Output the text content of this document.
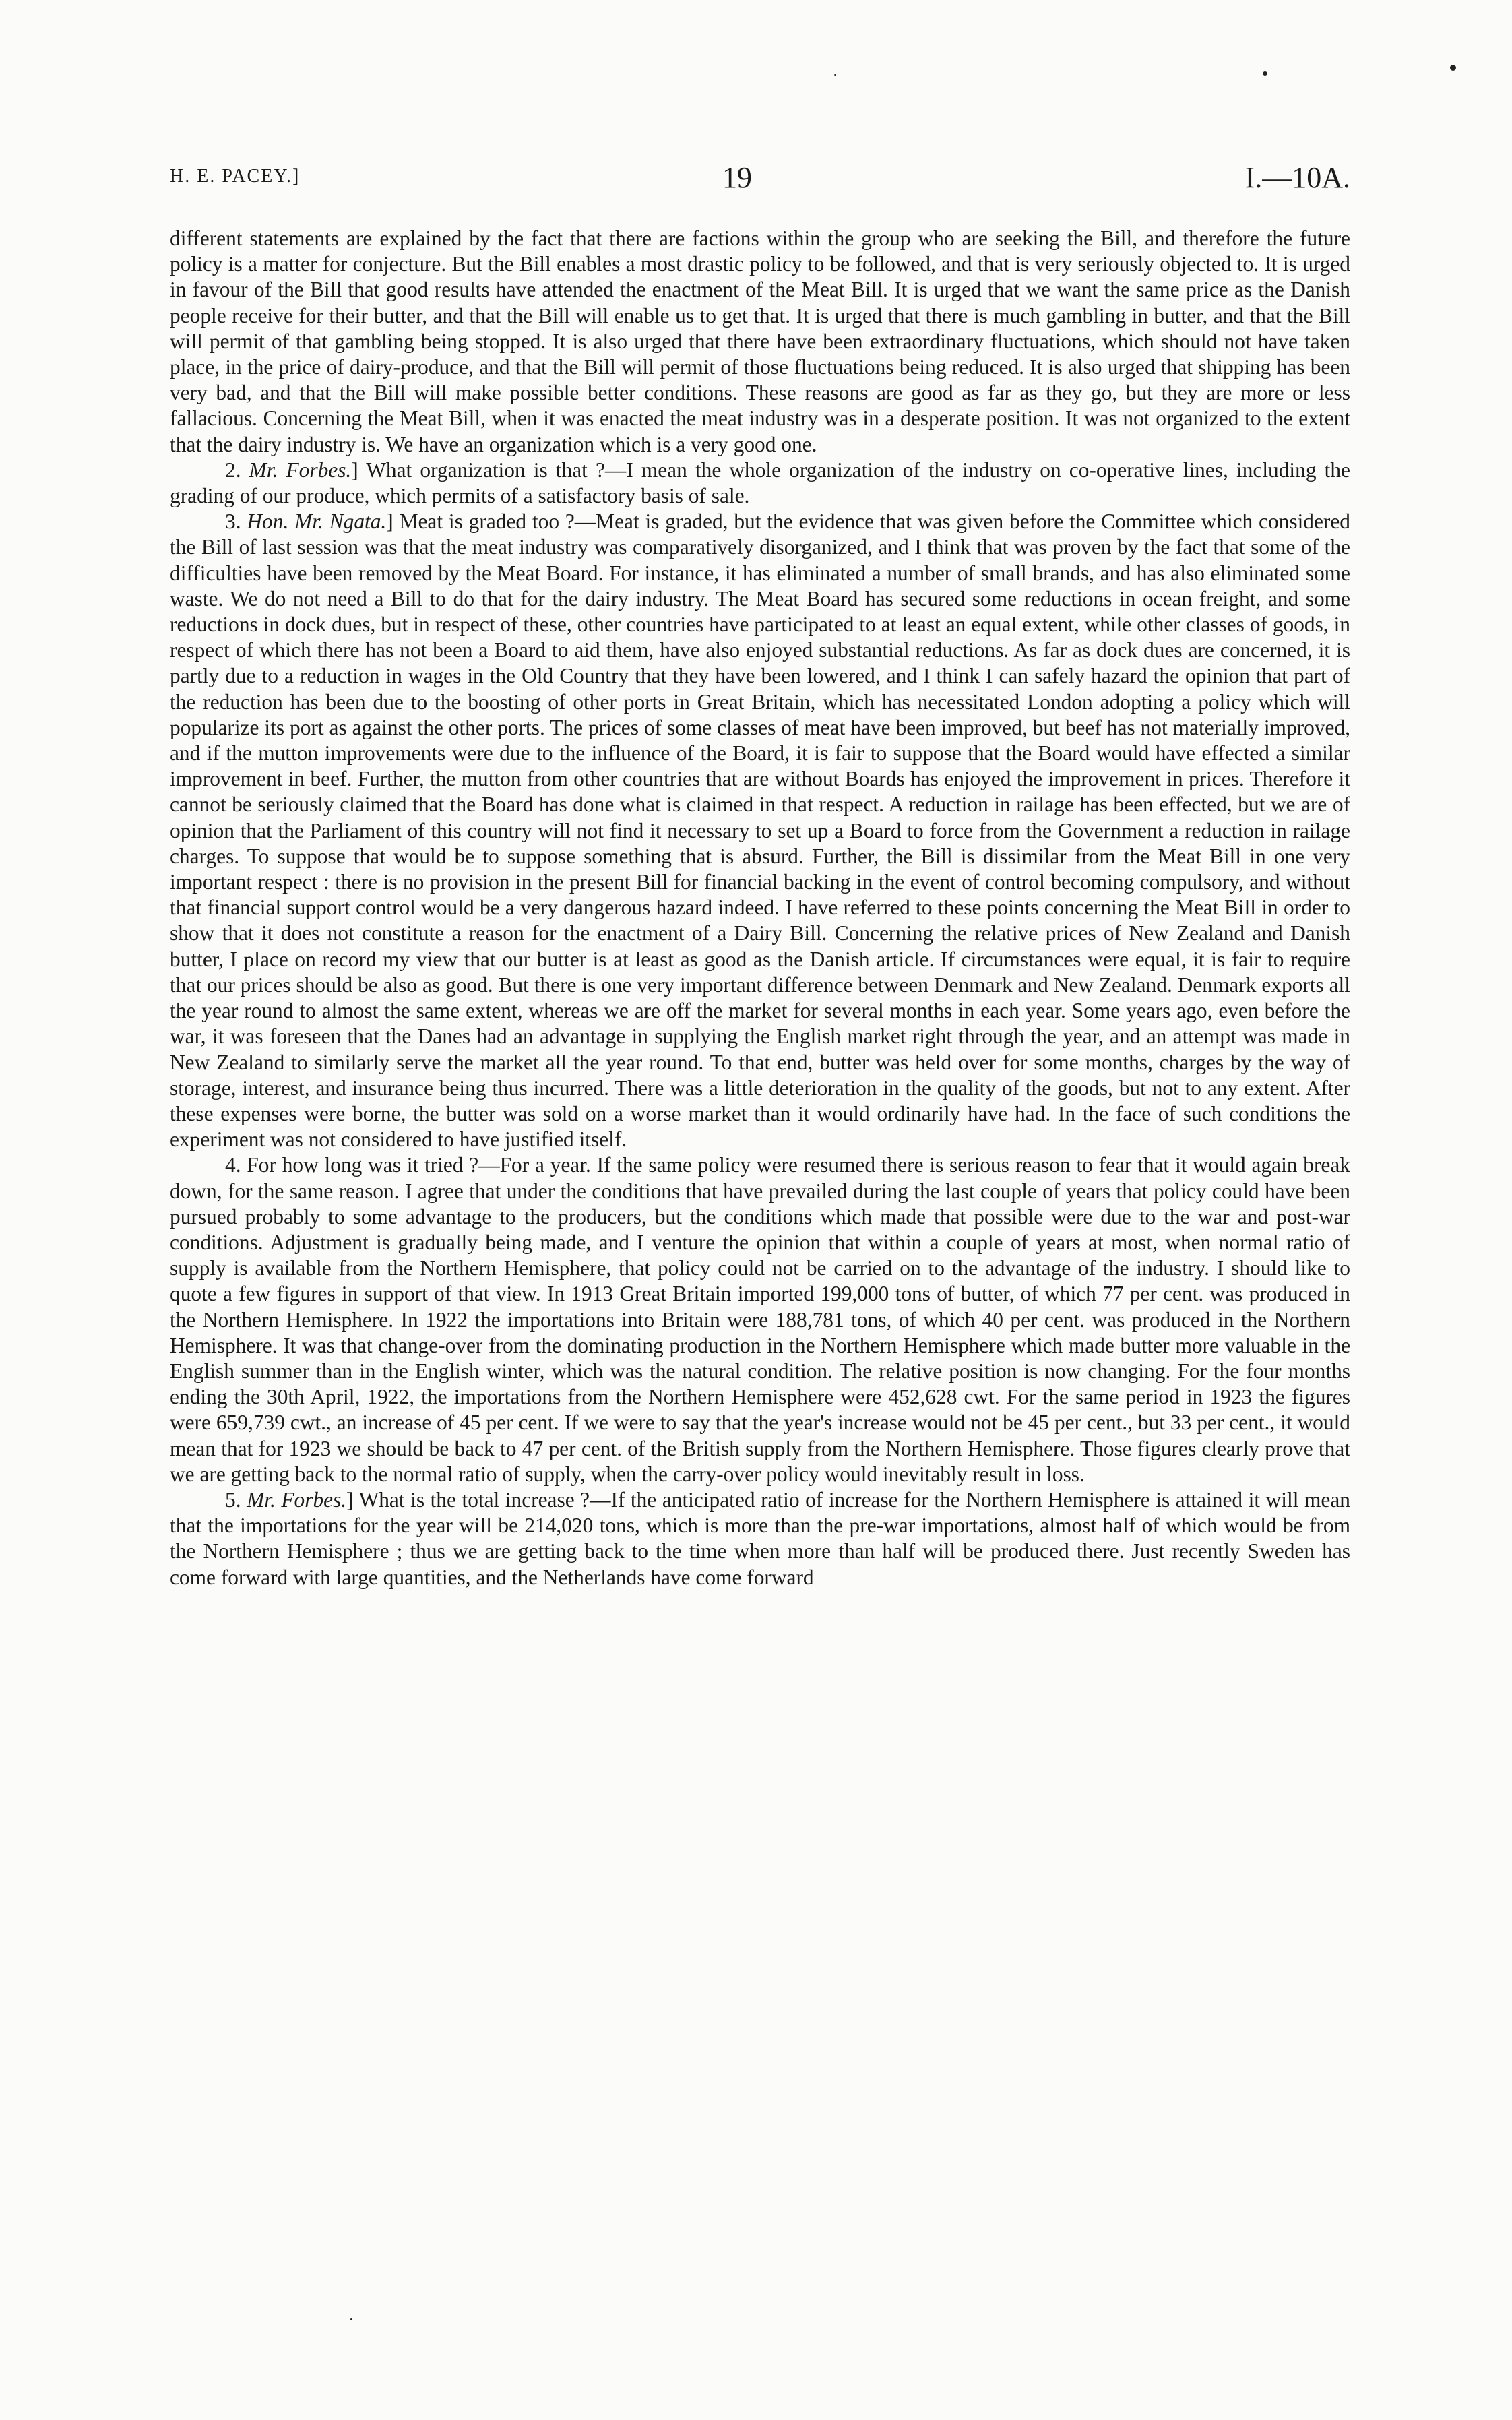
H. E. PACEY.]	19	I.—10A.

different statements are explained by the fact that there are factions within the group who are seeking the Bill, and therefore the future policy is a matter for conjecture. But the Bill enables a most drastic policy to be followed, and that is very seriously objected to. It is urged in favour of the Bill that good results have attended the enactment of the Meat Bill. It is urged that we want the same price as the Danish people receive for their butter, and that the Bill will enable us to get that. It is urged that there is much gambling in butter, and that the Bill will permit of that gambling being stopped. It is also urged that there have been extraordinary fluctuations, which should not have taken place, in the price of dairy-produce, and that the Bill will permit of those fluctuations being reduced. It is also urged that shipping has been very bad, and that the Bill will make possible better conditions. These reasons are good as far as they go, but they are more or less fallacious. Concerning the Meat Bill, when it was enacted the meat industry was in a desperate position. It was not organized to the extent that the dairy industry is. We have an organization which is a very good one.

2. Mr. Forbes.] What organization is that ?—I mean the whole organization of the industry on co-operative lines, including the grading of our produce, which permits of a satisfactory basis of sale.

3. Hon. Mr. Ngata.] Meat is graded too ?—Meat is graded, but the evidence that was given before the Committee which considered the Bill of last session was that the meat industry was comparatively disorganized, and I think that was proven by the fact that some of the difficulties have been removed by the Meat Board. For instance, it has eliminated a number of small brands, and has also eliminated some waste. We do not need a Bill to do that for the dairy industry. The Meat Board has secured some reductions in ocean freight, and some reductions in dock dues, but in respect of these, other countries have participated to at least an equal extent, while other classes of goods, in respect of which there has not been a Board to aid them, have also enjoyed substantial reductions. As far as dock dues are concerned, it is partly due to a reduction in wages in the Old Country that they have been lowered, and I think I can safely hazard the opinion that part of the reduction has been due to the boosting of other ports in Great Britain, which has necessitated London adopting a policy which will popularize its port as against the other ports. The prices of some classes of meat have been improved, but beef has not materially improved, and if the mutton improvements were due to the influence of the Board, it is fair to suppose that the Board would have effected a similar improvement in beef. Further, the mutton from other countries that are without Boards has enjoyed the improvement in prices. Therefore it cannot be seriously claimed that the Board has done what is claimed in that respect. A reduction in railage has been effected, but we are of opinion that the Parliament of this country will not find it necessary to set up a Board to force from the Government a reduction in railage charges. To suppose that would be to suppose something that is absurd. Further, the Bill is dissimilar from the Meat Bill in one very important respect : there is no provision in the present Bill for financial backing in the event of control becoming compulsory, and without that financial support control would be a very dangerous hazard indeed. I have referred to these points concerning the Meat Bill in order to show that it does not constitute a reason for the enactment of a Dairy Bill. Concerning the relative prices of New Zealand and Danish butter, I place on record my view that our butter is at least as good as the Danish article. If circumstances were equal, it is fair to require that our prices should be also as good. But there is one very important difference between Denmark and New Zealand. Denmark exports all the year round to almost the same extent, whereas we are off the market for several months in each year. Some years ago, even before the war, it was foreseen that the Danes had an advantage in supplying the English market right through the year, and an attempt was made in New Zealand to similarly serve the market all the year round. To that end, butter was held over for some months, charges by the way of storage, interest, and insurance being thus incurred. There was a little deterioration in the quality of the goods, but not to any extent. After these expenses were borne, the butter was sold on a worse market than it would ordinarily have had. In the face of such conditions the experiment was not considered to have justified itself.

4. For how long was it tried ?—For a year. If the same policy were resumed there is serious reason to fear that it would again break down, for the same reason. I agree that under the conditions that have prevailed during the last couple of years that policy could have been pursued probably to some advantage to the producers, but the conditions which made that possible were due to the war and post-war conditions. Adjustment is gradually being made, and I venture the opinion that within a couple of years at most, when normal ratio of supply is available from the Northern Hemisphere, that policy could not be carried on to the advantage of the industry. I should like to quote a few figures in support of that view. In 1913 Great Britain imported 199,000 tons of butter, of which 77 per cent. was produced in the Northern Hemisphere. In 1922 the importations into Britain were 188,781 tons, of which 40 per cent. was produced in the Northern Hemisphere. It was that change-over from the dominating production in the Northern Hemisphere which made butter more valuable in the English summer than in the English winter, which was the natural condition. The relative position is now changing. For the four months ending the 30th April, 1922, the importations from the Northern Hemisphere were 452,628 cwt. For the same period in 1923 the figures were 659,739 cwt., an increase of 45 per cent. If we were to say that the year's increase would not be 45 per cent., but 33 per cent., it would mean that for 1923 we should be back to 47 per cent. of the British supply from the Northern Hemisphere. Those figures clearly prove that we are getting back to the normal ratio of supply, when the carry-over policy would inevitably result in loss.

5. Mr. Forbes.] What is the total increase ?—If the anticipated ratio of increase for the Northern Hemisphere is attained it will mean that the importations for the year will be 214,020 tons, which is more than the pre-war importations, almost half of which would be from the Northern Hemisphere ; thus we are getting back to the time when more than half will be produced there. Just recently Sweden has come forward with large quantities, and the Netherlands have come forward
